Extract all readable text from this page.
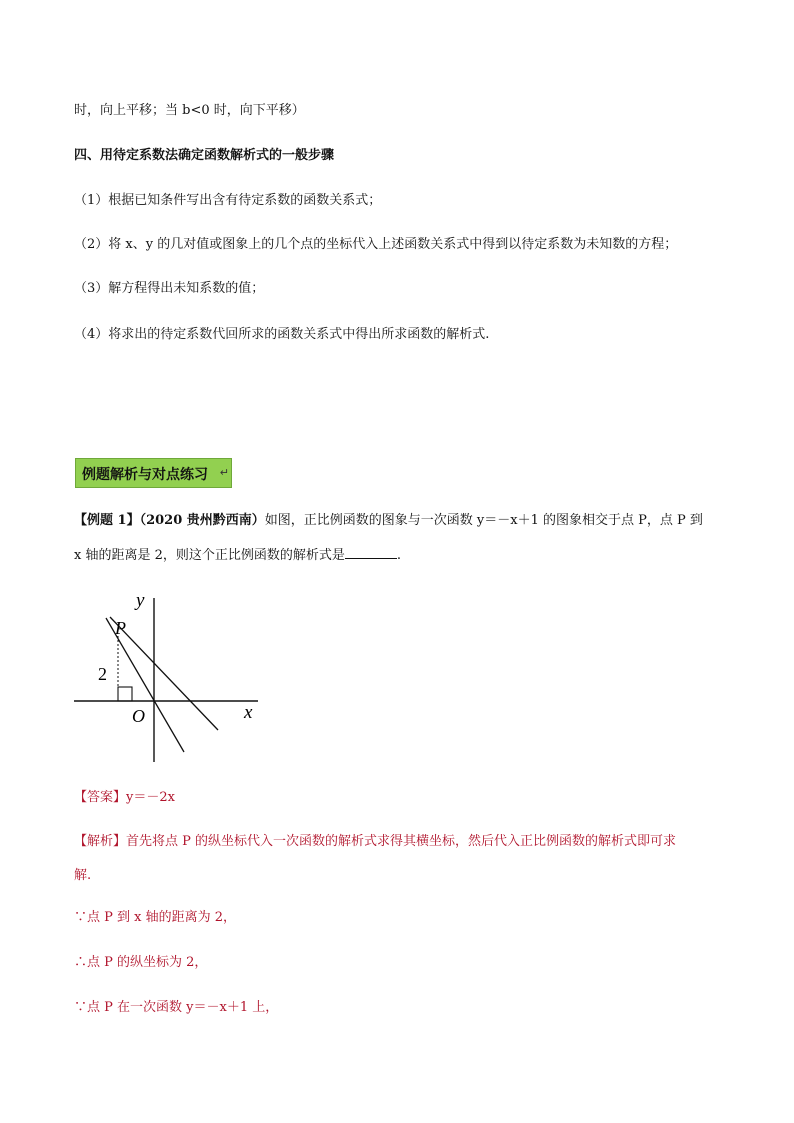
时，向上平移；当 b<0 时，向下平移）
四、用待定系数法确定函数解析式的一般步骤
（1）根据已知条件写出含有待定系数的函数关系式；
（2）将 x、y 的几对值或图象上的几个点的坐标代入上述函数关系式中得到以待定系数为未知数的方程；
（3）解方程得出未知系数的值；
（4）将求出的待定系数代回所求的函数关系式中得出所求函数的解析式.
例题解析与对点练习 ↵
【例题 1】（2020 贵州黔西南）如图，正比例函数的图象与一次函数 y＝－x＋1 的图象相交于点 P，点 P 到
x 轴的距离是 2，则这个正比例函数的解析式是	.
y
x
P
O
2
【答案】y＝－2x
【解析】首先将点 P 的纵坐标代入一次函数的解析式求得其横坐标，然后代入正比例函数的解析式即可求
解.
∵点 P 到 x 轴的距离为 2，
∴点 P 的纵坐标为 2，
∵点 P 在一次函数 y＝－x＋1 上，
